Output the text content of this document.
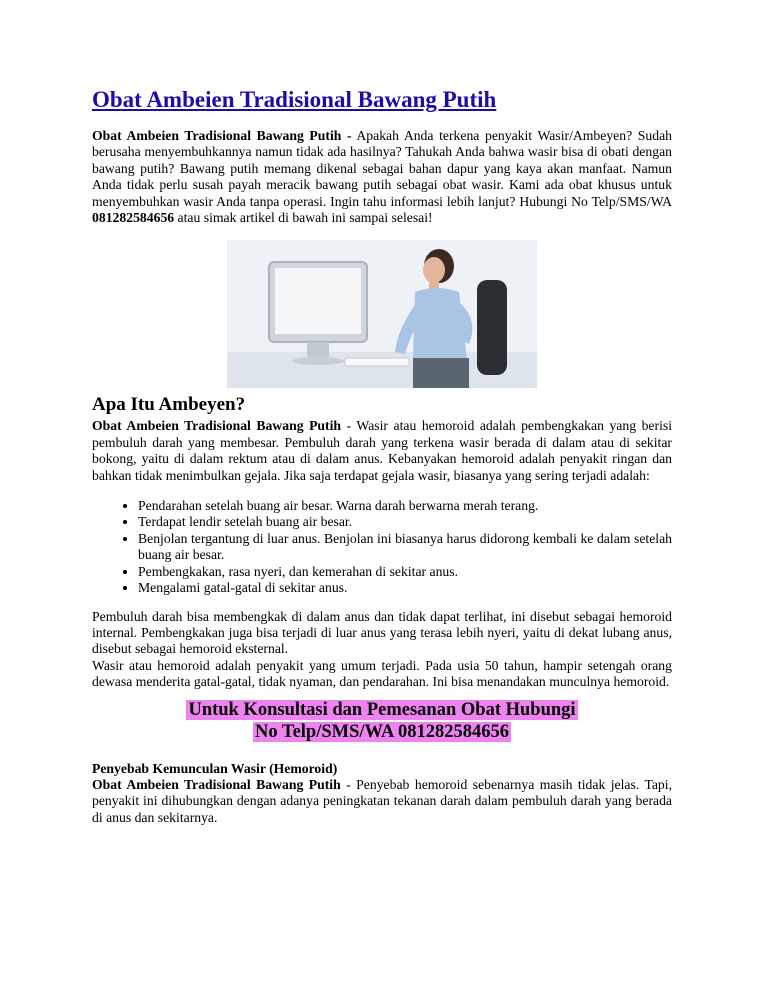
Obat Ambeien Tradisional Bawang Putih

Obat Ambeien Tradisional Bawang Putih - Apakah Anda terkena penyakit Wasir/Ambeyen? Sudah berusaha menyembuhkannya namun tidak ada hasilnya? Tahukah Anda bahwa wasir bisa di obati dengan bawang putih? Bawang putih memang dikenal sebagai bahan dapur yang kaya akan manfaat. Namun Anda tidak perlu susah payah meracik bawang putih sebagai obat wasir. Kami ada obat khusus untuk menyembuhkan wasir Anda tanpa operasi. Ingin tahu informasi lebih lanjut? Hubungi No Telp/SMS/WA 081282584656 atau simak artikel di bawah ini sampai selesai!

Apa Itu Ambeyen?

Obat Ambeien Tradisional Bawang Putih - Wasir atau hemoroid adalah pembengkakan yang berisi pembuluh darah yang membesar. Pembuluh darah yang terkena wasir berada di dalam atau di sekitar bokong, yaitu di dalam rektum atau di dalam anus. Kebanyakan hemoroid adalah penyakit ringan dan bahkan tidak menimbulkan gejala. Jika saja terdapat gejala wasir, biasanya yang sering terjadi adalah:

• Pendarahan setelah buang air besar. Warna darah berwarna merah terang.
• Terdapat lendir setelah buang air besar.
• Benjolan tergantung di luar anus. Benjolan ini biasanya harus didorong kembali ke dalam setelah buang air besar.
• Pembengkakan, rasa nyeri, dan kemerahan di sekitar anus.
• Mengalami gatal-gatal di sekitar anus.

Pembuluh darah bisa membengkak di dalam anus dan tidak dapat terlihat, ini disebut sebagai hemoroid internal. Pembengkakan juga bisa terjadi di luar anus yang terasa lebih nyeri, yaitu di dekat lubang anus, disebut sebagai hemoroid eksternal.

Wasir atau hemoroid adalah penyakit yang umum terjadi. Pada usia 50 tahun, hampir setengah orang dewasa menderita gatal-gatal, tidak nyaman, dan pendarahan. Ini bisa menandakan munculnya hemoroid.

Untuk Konsultasi dan Pemesanan Obat Hubungi
No Telp/SMS/WA 081282584656
Penyebab Kemunculan Wasir (Hemoroid)

Obat Ambeien Tradisional Bawang Putih - Penyebab hemoroid sebenarnya masih tidak jelas. Tapi, penyakit ini dihubungkan dengan adanya peningkatan tekanan darah dalam pembuluh darah yang berada di anus dan sekitarnya.
